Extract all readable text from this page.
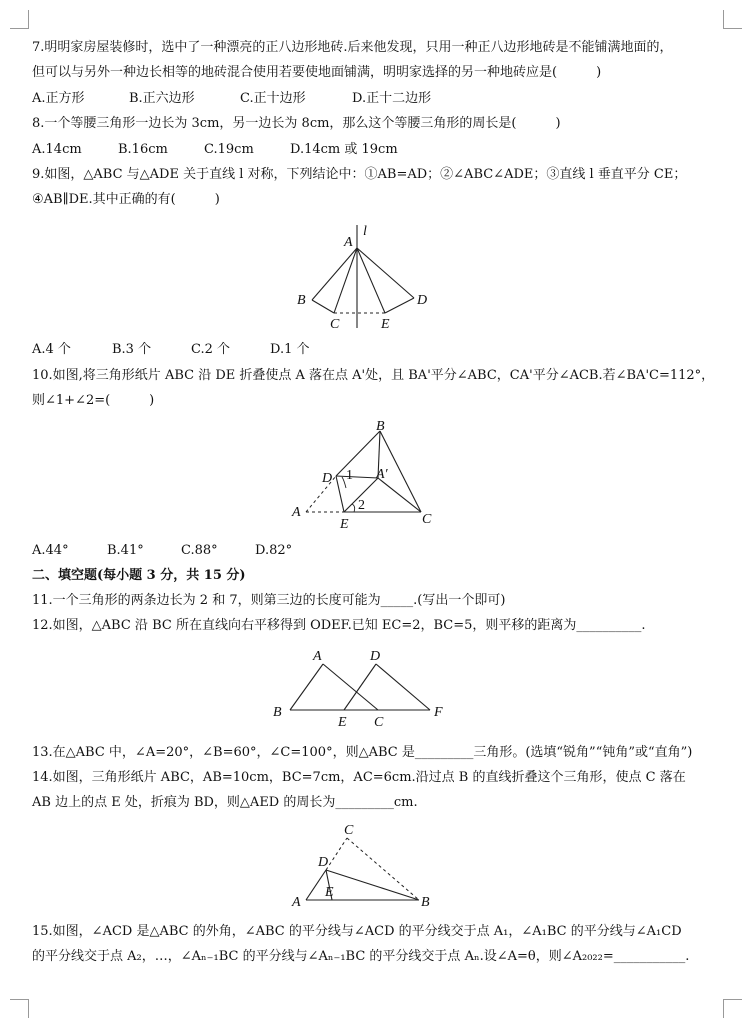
7.明明家房屋装修时，选中了一种漂亮的正八边形地砖.后来他发现，只用一种正八边形地砖是不能铺满地面的，
但可以与另外一种边长相等的地砖混合使用若要使地面铺满，明明家选择的另一种地砖应是(　　　)
A.正方形	B.正六边形	C.正十边形	D.正十二边形
8.一个等腰三角形一边长为 3cm，另一边长为 8cm，那么这个等腰三角形的周长是(　　　)
A.14cm	B.16cm	C.19cm	D.14cm 或 19cm
9.如图，△ABC 与△ADE 关于直线 l 对称，下列结论中：①AB=AD；②∠ABC∠ADE；③直线 l 垂直平分 CE；
④AB∥DE.其中正确的有(　　　)
A
l
B
C
D
E
A.4 个	B.3 个	C.2 个	D.1 个
10.如图,将三角形纸片 ABC 沿 DE 折叠使点 A 落在点 A'处，且 BA'平分∠ABC，CA'平分∠ACB.若∠BA'C=112°，
则∠1+∠2=(　　　)
B
D 1 A′
2
A
E	C
A.44°	B.41°	C.88°	D.82°
二、填空题(每小题 3 分，共 15 分)
11.一个三角形的两条边长为 2 和 7，则第三边的长度可能为_____.(写出一个即可)
12.如图，△ABC 沿 BC 所在直线向右平移得到 ODEF.已知 EC=2，BC=5，则平移的距离为__________.
A	D
B
E C
F
13.在△ABC 中，∠A=20°，∠B=60°，∠C=100°，则△ABC 是_________三角形。(选填“锐角”“钝角”或“直角”)
14.如图，三角形纸片 ABC，AB=10cm，BC=7cm，AC=6cm.沿过点 B 的直线折叠这个三角形，使点 C 落在
AB 边上的点 E 处，折痕为 BD，则△AED 的周长为_________cm.
C
D
A
E
B
15.如图，∠ACD 是△ABC 的外角，∠ABC 的平分线与∠ACD 的平分线交于点 A₁，∠A₁BC 的平分线与∠A₁CD
的平分线交于点 A₂，…，∠Aₙ₋₁BC 的平分线与∠Aₙ₋₁BC 的平分线交于点 Aₙ.设∠A=θ，则∠A₂₀₂₂=___________.
